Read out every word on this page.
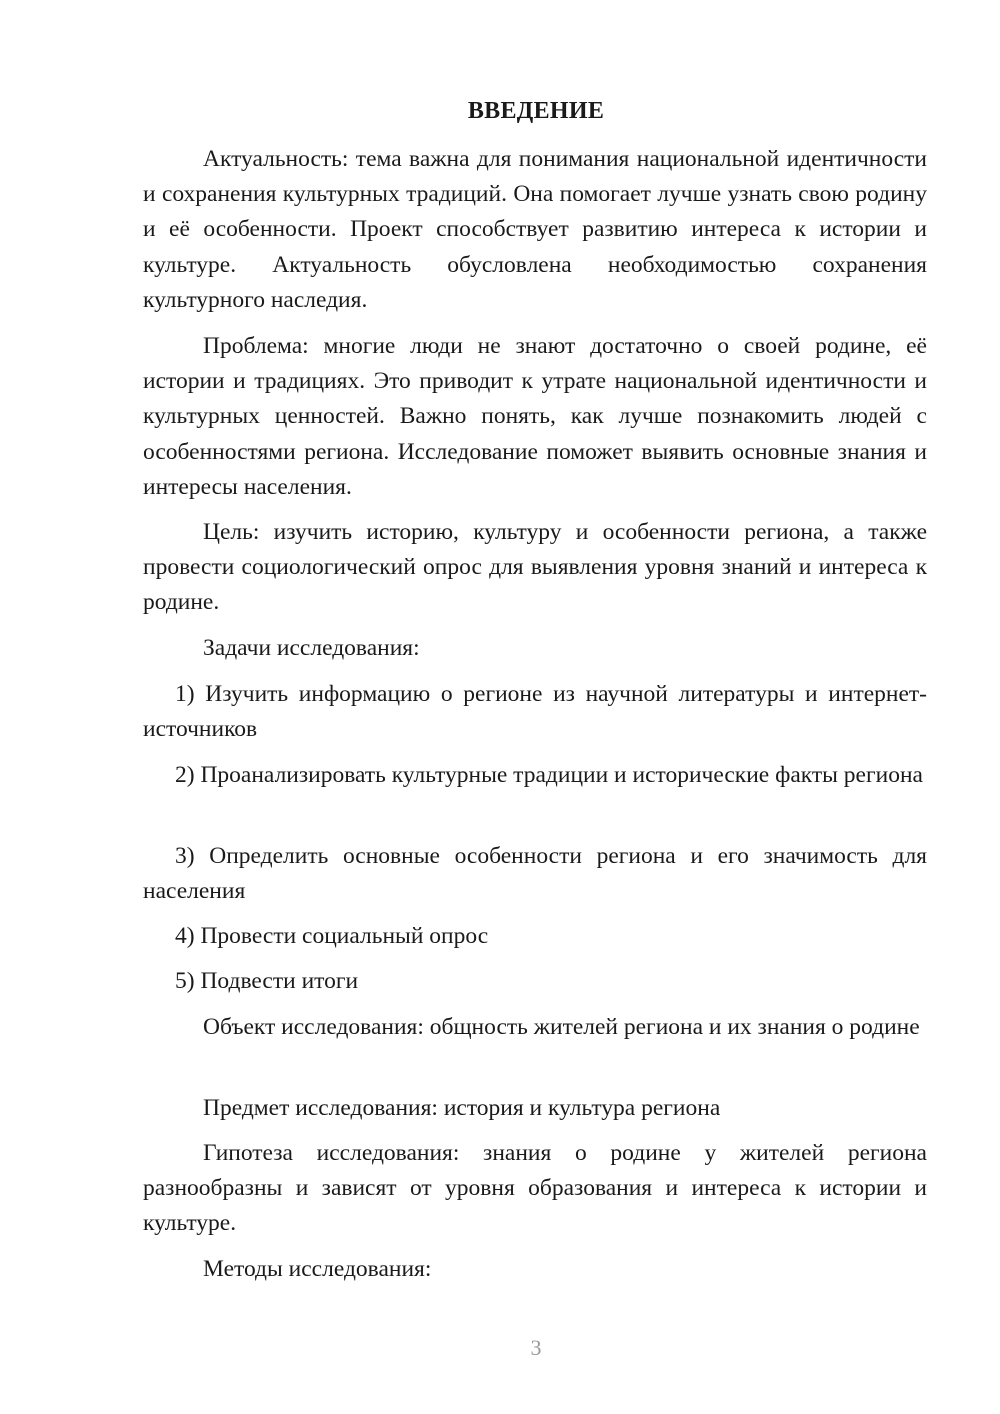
ВВЕДЕНИЕ

Актуальность: тема важна для понимания национальной идентичности и сохранения культурных традиций. Она помогает лучше узнать свою родину и её особенности. Проект способствует развитию интереса к истории и культуре. Актуальность обусловлена необходимостью сохранения культурного наследия.

Проблема: многие люди не знают достаточно о своей родине, её истории и традициях. Это приводит к утрате национальной идентичности и культурных ценностей. Важно понять, как лучше познакомить людей с особенностями региона. Исследование поможет выявить основные знания и интересы населения.

Цель: изучить историю, культуру и особенности региона, а также провести социологический опрос для выявления уровня знаний и интереса к родине.

Задачи исследования:

1) Изучить информацию о регионе из научной литературы и интернет-источников

2) Проанализировать культурные традиции и исторические факты региона

3) Определить основные особенности региона и его значимость для населения

4) Провести социальный опрос

5) Подвести итоги

Объект исследования: общность жителей региона и их знания о родине

Предмет исследования: история и культура региона

Гипотеза исследования: знания о родине у жителей региона разнообразны и зависят от уровня образования и интереса к истории и культуре.

Методы исследования:

3
